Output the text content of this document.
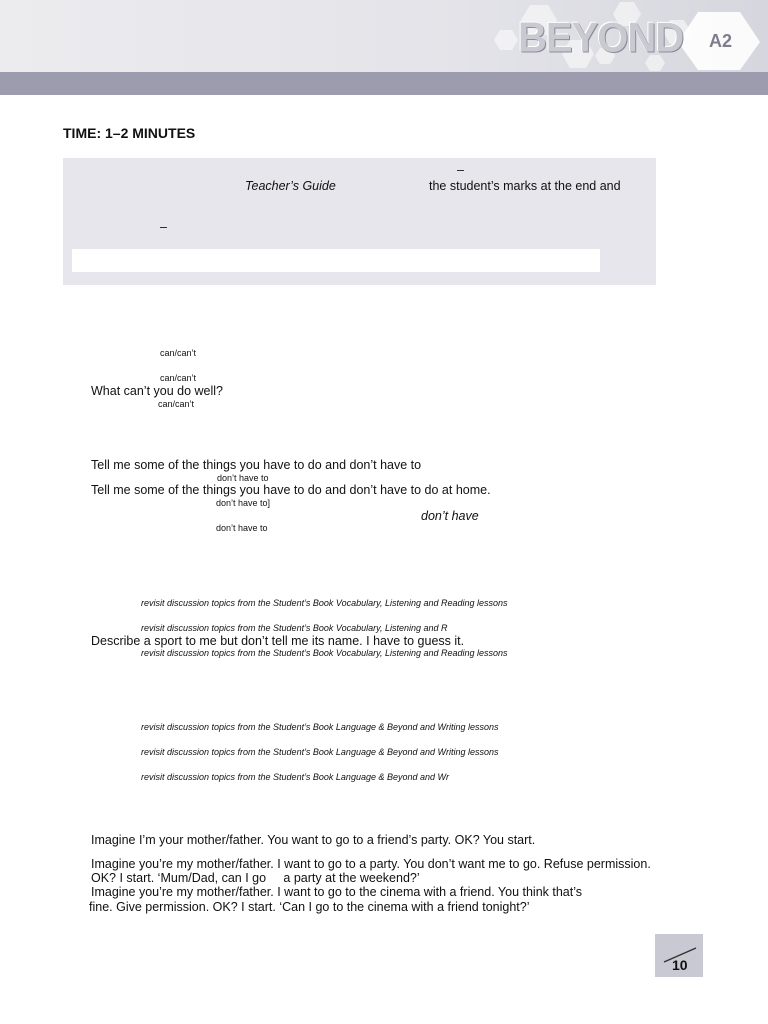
BEYOND A2
TIME: 1–2 MINUTES
–
Teacher’s Guide	the student’s marks at the end and
–
can/can’t
can/can’t
What can’t you do well?
can/can’t
Tell me some of the things you have to do and don’t have to
don’t have to
Tell me some of the things you have to do and don’t have to do at home.
don’t have to]
don’t have
don’t have to
revisit discussion topics from the Student’s Book Vocabulary, Listening and Reading lessons
revisit discussion topics from the Student’s Book Vocabulary, Listening and R
Describe a sport to me but don’t tell me its name. I have to guess it.
revisit discussion topics from the Student’s Book Vocabulary, Listening and Reading lessons
revisit discussion topics from the Student’s Book Language & Beyond and Writing lessons
revisit discussion topics from the Student’s Book Language & Beyond and Writing lessons
revisit discussion topics from the Student’s Book Language & Beyond and Wr
Imagine I’m your mother/father. You want to go to a friend’s party. OK? You start.
Imagine you’re my mother/father. I want to go to a party. You don’t want me to go. Refuse permission.
OK? I start. ‘Mum/Dad, can I go     a party at the weekend?’
Imagine you’re my mother/father. I want to go to the cinema with a friend. You think that’s
fine. Give permission. OK? I start. ‘Can I go to the cinema with a friend tonight?’
10
